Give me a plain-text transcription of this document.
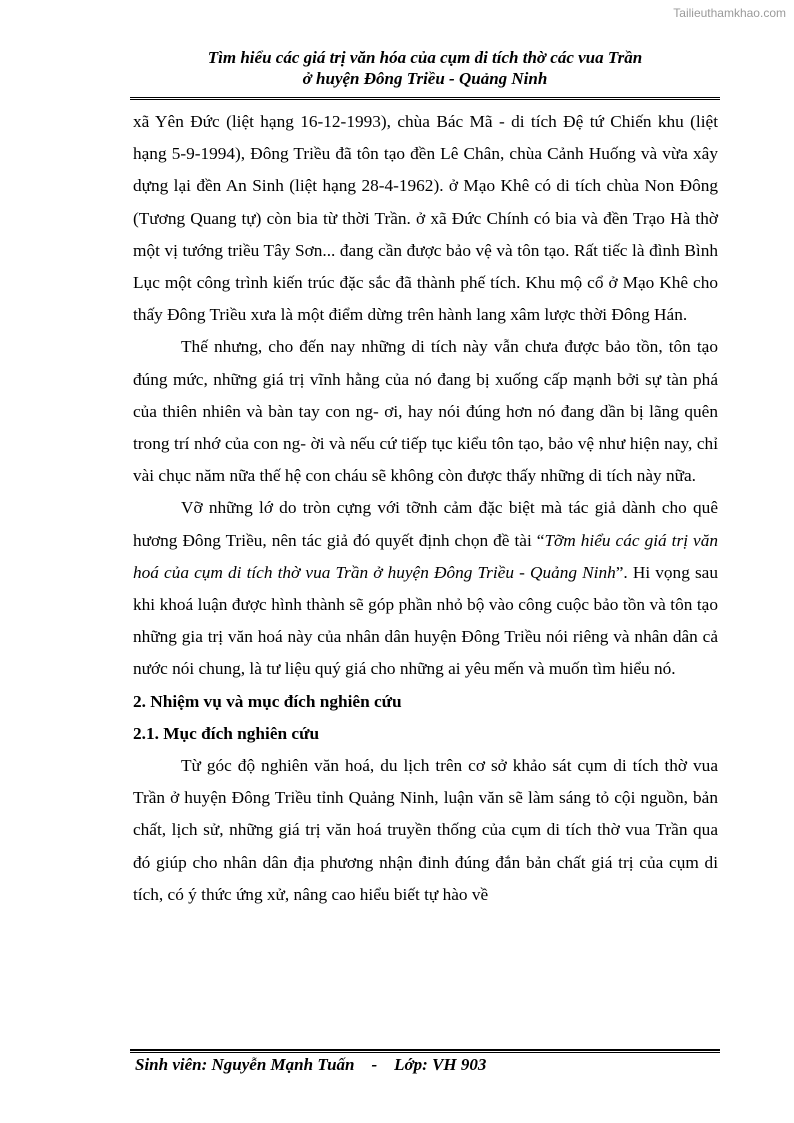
Tailieuthamkhao.com
Tìm hiểu các giá trị văn hóa của cụm di tích thờ các vua Trần
ở huyện Đông Triều - Quảng Ninh

xã Yên Đức (liệt hạng 16-12-1993), chùa Bác Mã - di tích Đệ tứ Chiến khu (liệt hạng 5-9-1994), Đông Triều đã tôn tạo đền Lê Chân, chùa Cảnh Huống và vừa xây dựng lại đền An Sinh (liệt hạng 28-4-1962). ở Mạo Khê có di tích chùa Non Đông (Tương Quang tự) còn bia từ thời Trần. ở xã Đức Chính có bia và đền Trạo Hà thờ một vị tướng triều Tây Sơn... đang cần được bảo vệ và tôn tạo. Rất tiếc là đình Bình Lục một công trình kiến trúc đặc sắc đã thành phế tích. Khu mộ cổ ở Mạo Khê cho thấy Đông Triều xưa là một điểm dừng trên hành lang xâm lược thời Đông Hán.

Thế nhưng, cho đến nay những di tích này vẫn chưa được bảo tồn, tôn tạo đúng mức, những giá trị vĩnh hằng của nó đang bị xuống cấp mạnh bởi sự tàn phá của thiên nhiên và bàn tay con ng- ơi, hay nói đúng hơn nó đang dần bị lãng quên trong trí nhớ của con ng- ời và nếu cứ tiếp tục kiểu tôn tạo, bảo vệ như hiện nay, chỉ vài chục năm nữa thế hệ con cháu sẽ không còn được thấy những di tích này nữa.

Vỡ những lớ do tròn cựng với tỡnh cảm đặc biệt mà tác giả dành cho quê hương Đông Triều, nên tác giả đó quyết định chọn đề tài “Tỡm hiểu các giá trị văn hoá của cụm di tích thờ vua Trần ở huyện Đông Triều - Quảng Ninh”. Hi vọng sau khi khoá luận được hình thành sẽ góp phần nhỏ bộ vào công cuộc bảo tồn và tôn tạo những gia trị văn hoá này của nhân dân huyện Đông Triều nói riêng và nhân dân cả nước nói chung, là tư liệu quý giá cho những ai yêu mến và muốn tìm hiểu nó.

2. Nhiệm vụ và mục đích nghiên cứu
2.1. Mục đích nghiên cứu

Từ góc độ nghiên văn hoá, du lịch trên cơ sở khảo sát cụm di tích thờ vua Trần ở huyện Đông Triều tỉnh Quảng Ninh, luận văn sẽ làm sáng tỏ cội nguồn, bản chất, lịch sử, những giá trị văn hoá truyền thống của cụm di tích thờ vua Trần qua đó giúp cho nhân dân địa phương nhận đinh đúng đắn bản chất giá trị của cụm di tích, có ý thức ứng xử, nâng cao hiểu biết tự hào về

Sinh viên: Nguyễn Mạnh Tuấn - Lớp: VH 903
